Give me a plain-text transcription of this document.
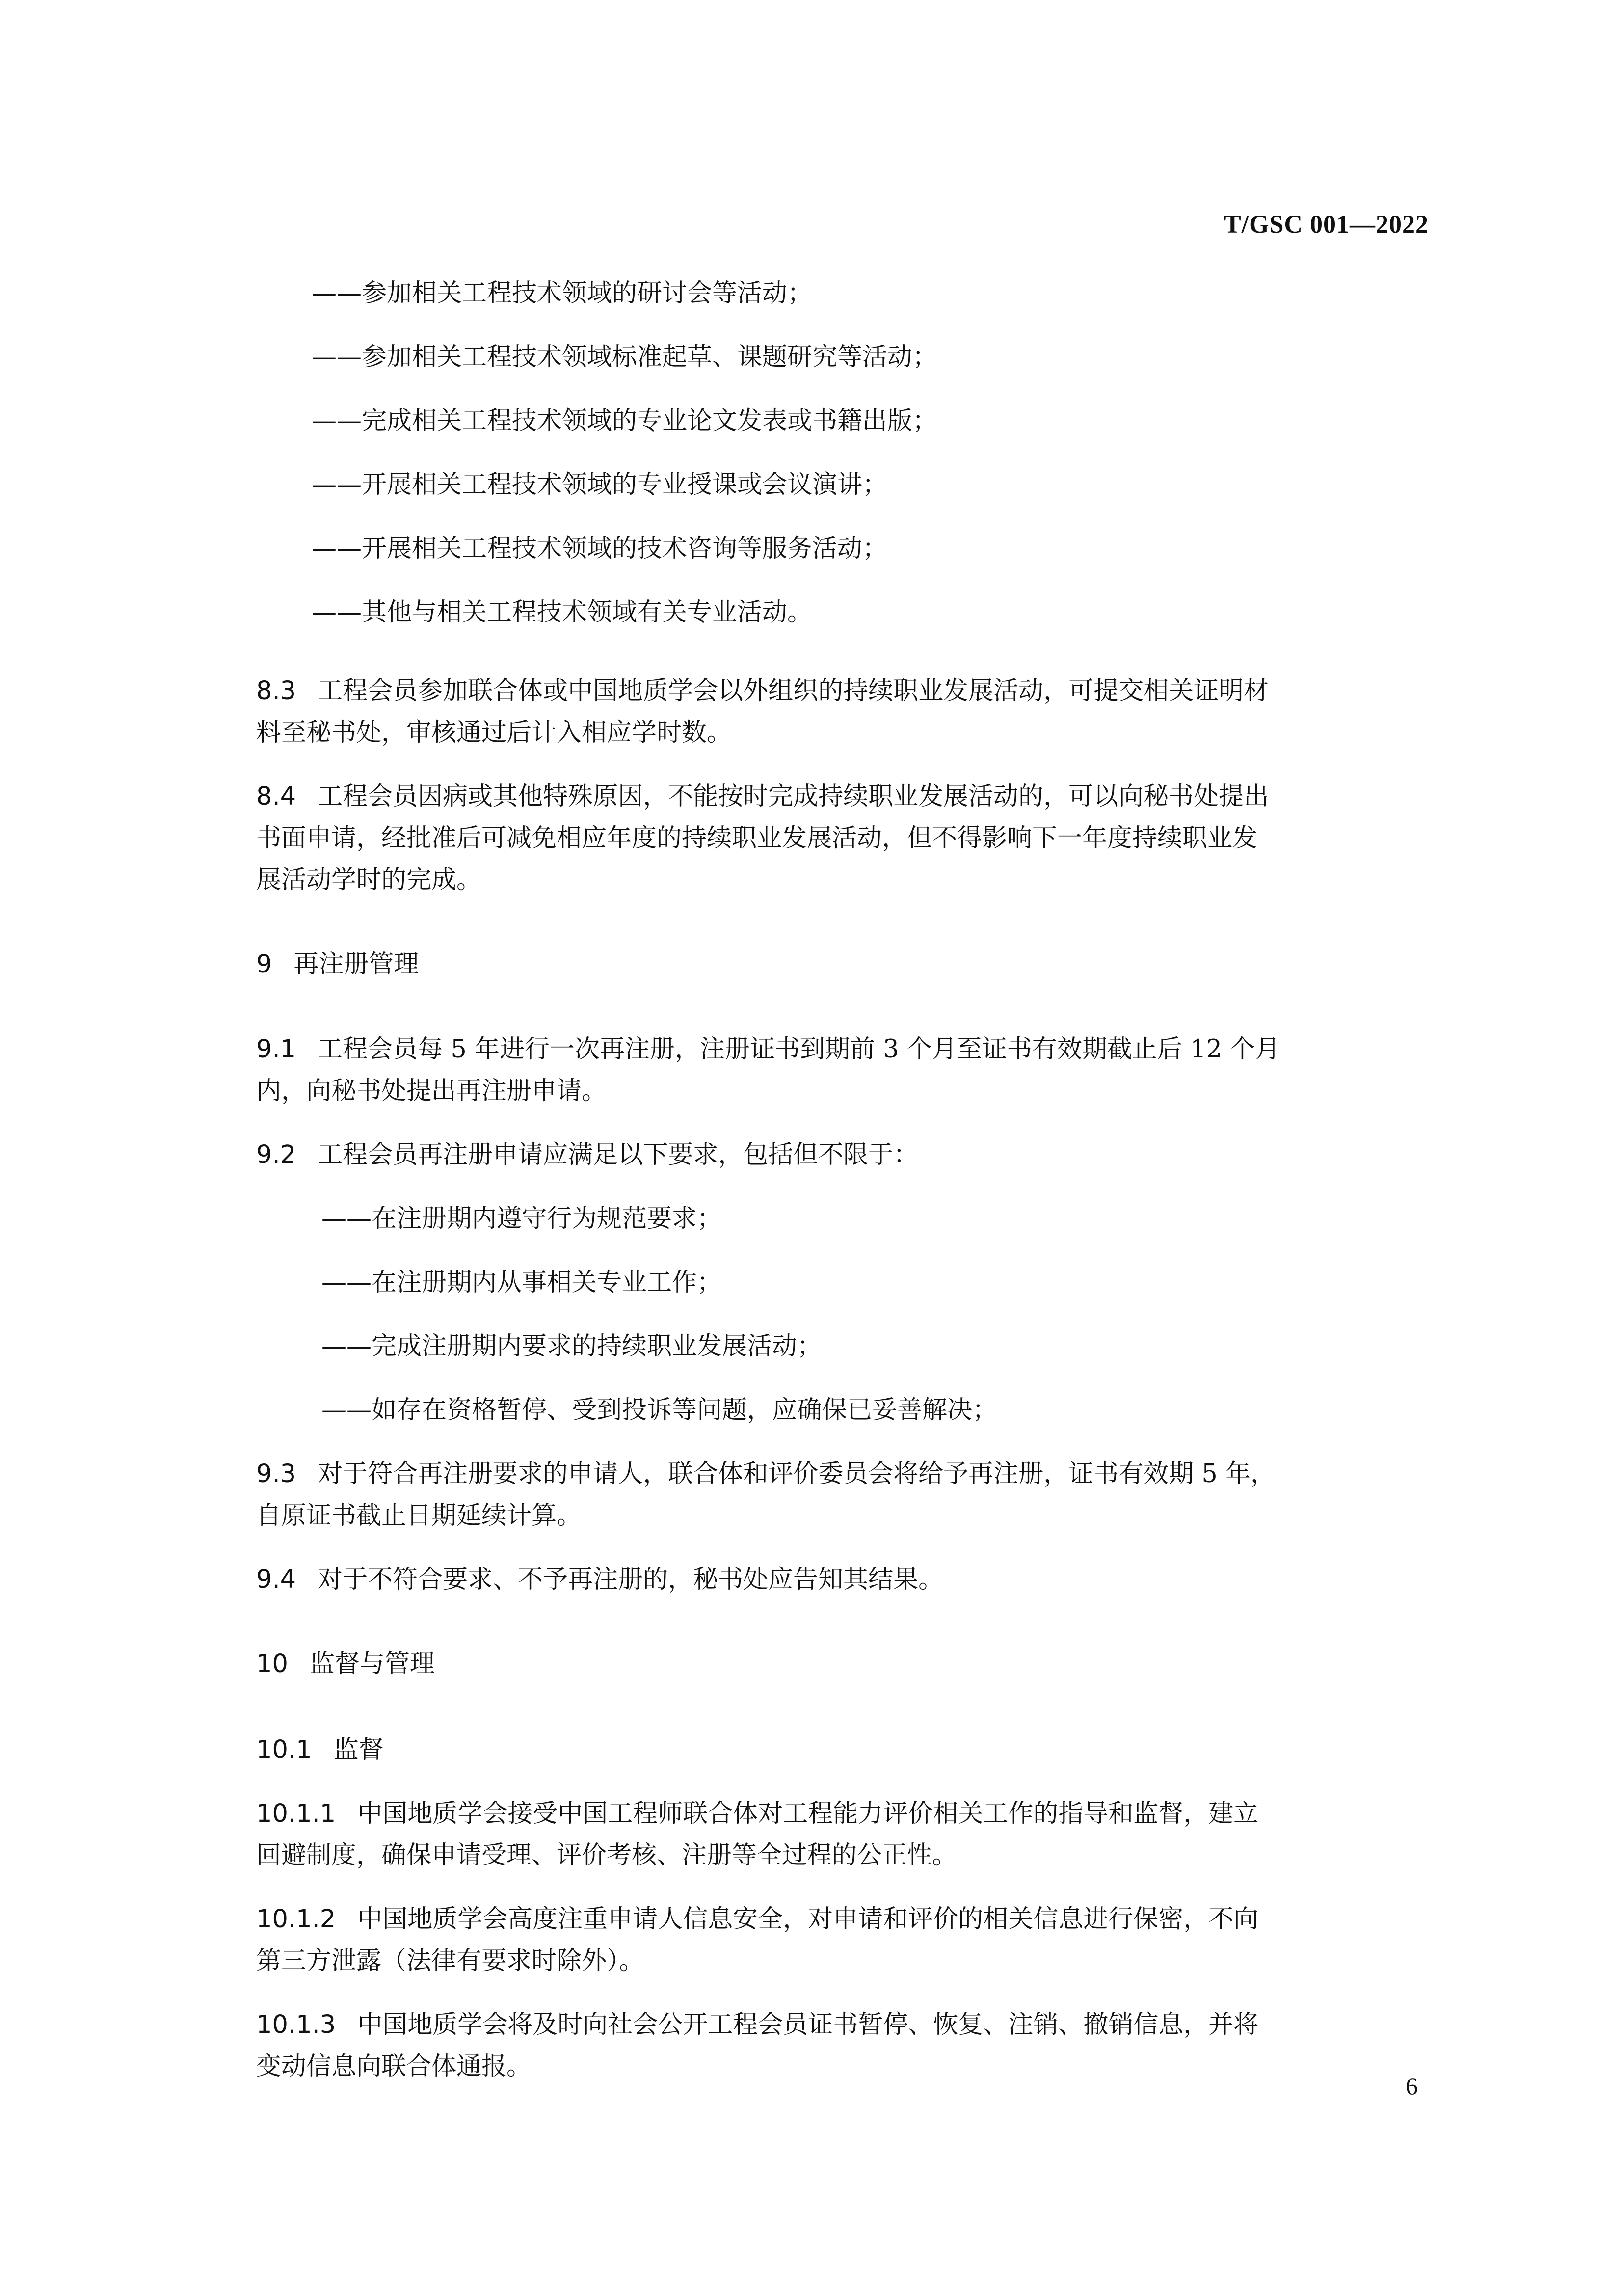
T/GSC 001—2022
——参加相关工程技术领域的研讨会等活动；
——参加相关工程技术领域标准起草、课题研究等活动；
——完成相关工程技术领域的专业论文发表或书籍出版；
——开展相关工程技术领域的专业授课或会议演讲；
——开展相关工程技术领域的技术咨询等服务活动；
——其他与相关工程技术领域有关专业活动。
8.3 工程会员参加联合体或中国地质学会以外组织的持续职业发展活动，可提交相关证明材
料至秘书处，审核通过后计入相应学时数。
8.4 工程会员因病或其他特殊原因，不能按时完成持续职业发展活动的，可以向秘书处提出
书面申请，经批准后可减免相应年度的持续职业发展活动，但不得影响下一年度持续职业发
展活动学时的完成。
9 再注册管理
9.1 工程会员每 5 年进行一次再注册，注册证书到期前 3 个月至证书有效期截止后 12 个月
内，向秘书处提出再注册申请。
9.2 工程会员再注册申请应满足以下要求，包括但不限于：
——在注册期内遵守行为规范要求；
——在注册期内从事相关专业工作；
——完成注册期内要求的持续职业发展活动；
——如存在资格暂停、受到投诉等问题，应确保已妥善解决；
9.3 对于符合再注册要求的申请人，联合体和评价委员会将给予再注册，证书有效期 5 年，
自原证书截止日期延续计算。
9.4 对于不符合要求、不予再注册的，秘书处应告知其结果。
10 监督与管理
10.1 监督
10.1.1 中国地质学会接受中国工程师联合体对工程能力评价相关工作的指导和监督，建立
回避制度，确保申请受理、评价考核、注册等全过程的公正性。
10.1.2 中国地质学会高度注重申请人信息安全，对申请和评价的相关信息进行保密，不向
第三方泄露（法律有要求时除外）。
10.1.3 中国地质学会将及时向社会公开工程会员证书暂停、恢复、注销、撤销信息，并将
变动信息向联合体通报。
6
